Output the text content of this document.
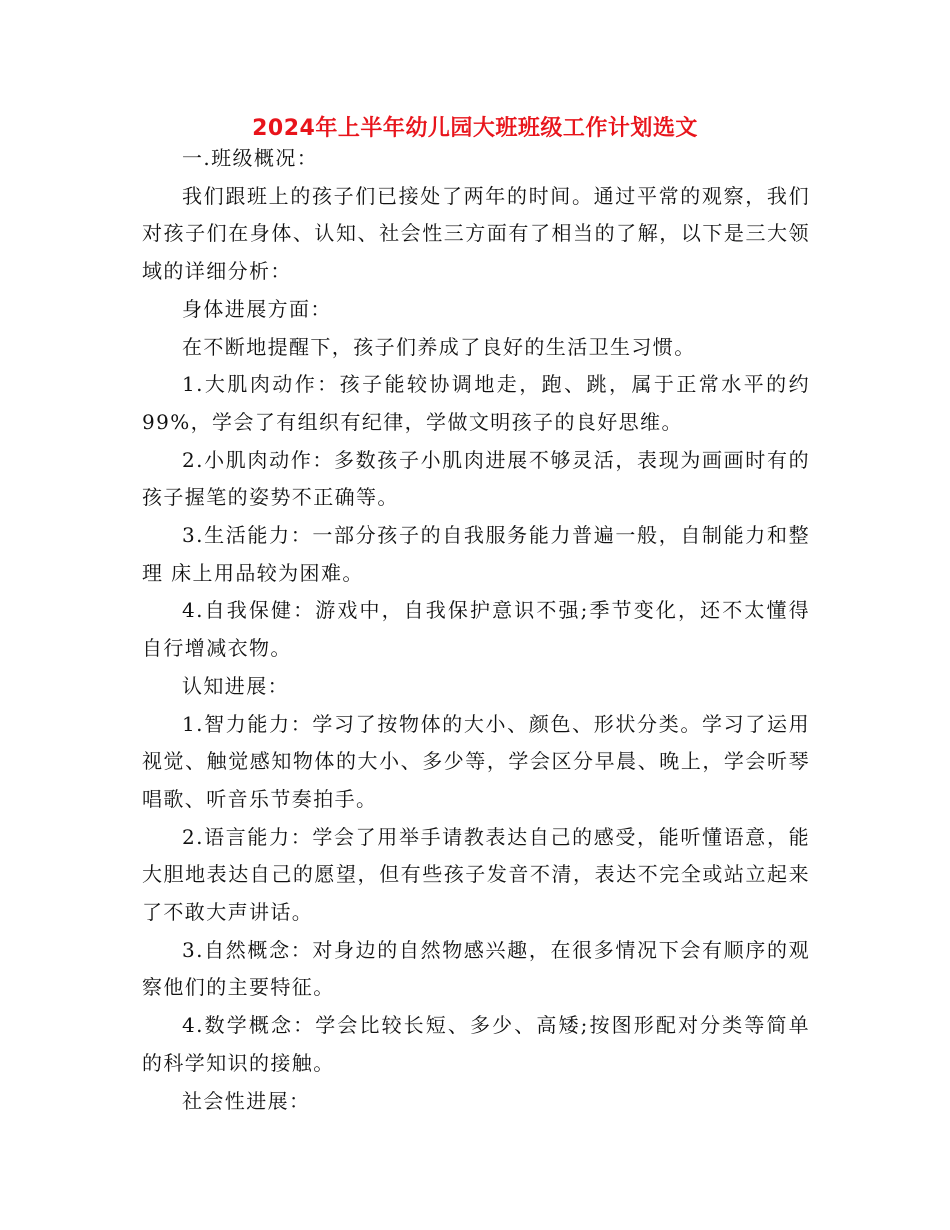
2024年上半年幼儿园大班班级工作计划选文

一.班级概况：

我们跟班上的孩子们已接处了两年的时间。通过平常的观察，我们对孩子们在身体、认知、社会性三方面有了相当的了解，以下是三大领域的详细分析：

身体进展方面：

在不断地提醒下，孩子们养成了良好的生活卫生习惯。

1.大肌肉动作：孩子能较协调地走，跑、跳，属于正常水平的约99%，学会了有组织有纪律，学做文明孩子的良好思维。

2.小肌肉动作：多数孩子小肌肉进展不够灵活，表现为画画时有的孩子握笔的姿势不正确等。

3.生活能力：一部分孩子的自我服务能力普遍一般，自制能力和整理 床上用品较为困难。

4.自我保健：游戏中，自我保护意识不强;季节变化，还不太懂得自行增减衣物。

认知进展：

1.智力能力：学习了按物体的大小、颜色、形状分类。学习了运用视觉、触觉感知物体的大小、多少等，学会区分早晨、晚上，学会听琴唱歌、听音乐节奏拍手。

2.语言能力：学会了用举手请教表达自己的感受，能听懂语意，能大胆地表达自己的愿望，但有些孩子发音不清，表达不完全或站立起来了不敢大声讲话。

3.自然概念：对身边的自然物感兴趣，在很多情况下会有顺序的观察他们的主要特征。

4.数学概念：学会比较长短、多少、高矮;按图形配对分类等简单的科学知识的接触。

社会性进展：
